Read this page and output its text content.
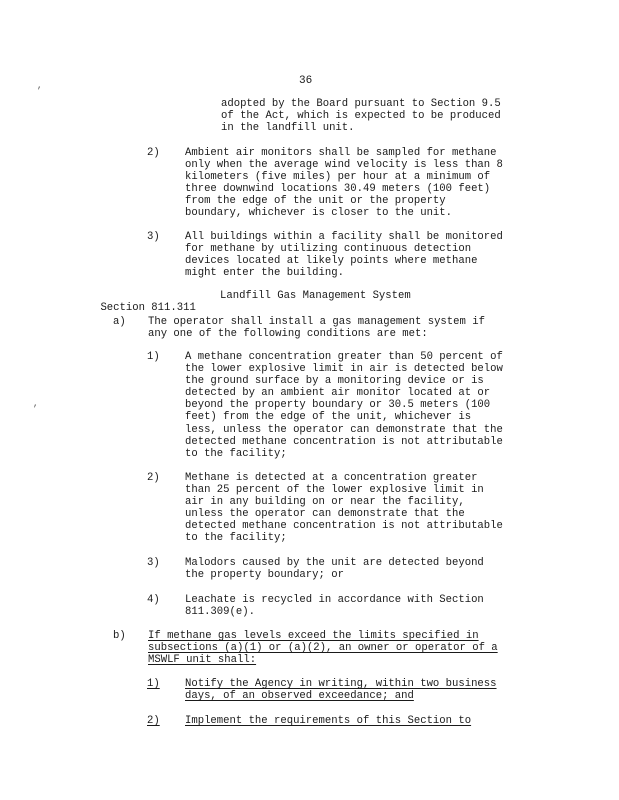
36
,
,
adopted by the Board pursuant to Section 9.5
of the Act, which is expected to be produced
in the landfill unit.
2) Ambient air monitors shall be sampled for methane
only when the average wind velocity is less than 8
kilometers (five miles) per hour at a minimum of
three downwind locations 30.49 meters (100 feet)
from the edge of the unit or the property
boundary, whichever is closer to the unit.
3) All buildings within a facility shall be monitored
for methane by utilizing continuous detection
devices located at likely points where methane
might enter the building.

Section 811.311

Landfill Gas Management System

a) The operator shall install a gas management system if
any one of the following conditions are met:
1) A methane concentration greater than 50 percent of
the lower explosive limit in air is detected below
the ground surface by a monitoring device or is
detected by an ambient air monitor located at or
beyond the property boundary or 30.5 meters (100
feet) from the edge of the unit, whichever is
less, unless the operator can demonstrate that the
detected methane concentration is not attributable
to the facility;
2) Methane is detected at a concentration greater
than 25 percent of the lower explosive limit in
air in any building on or near the facility,
unless the operator can demonstrate that the
detected methane concentration is not attributable
to the facility;
3) Malodors caused by the unit are detected beyond
the property boundary; or
4) Leachate is recycled in accordance with Section
811.309(e).
b) If methane gas levels exceed the limits specified in
subsections (a)(1) or (a)(2), an owner or operator of a
MSWLF unit shall:
1) Notify the Agency in writing, within two business
days, of an observed exceedance; and
2) Implement the requirements of this Section to
